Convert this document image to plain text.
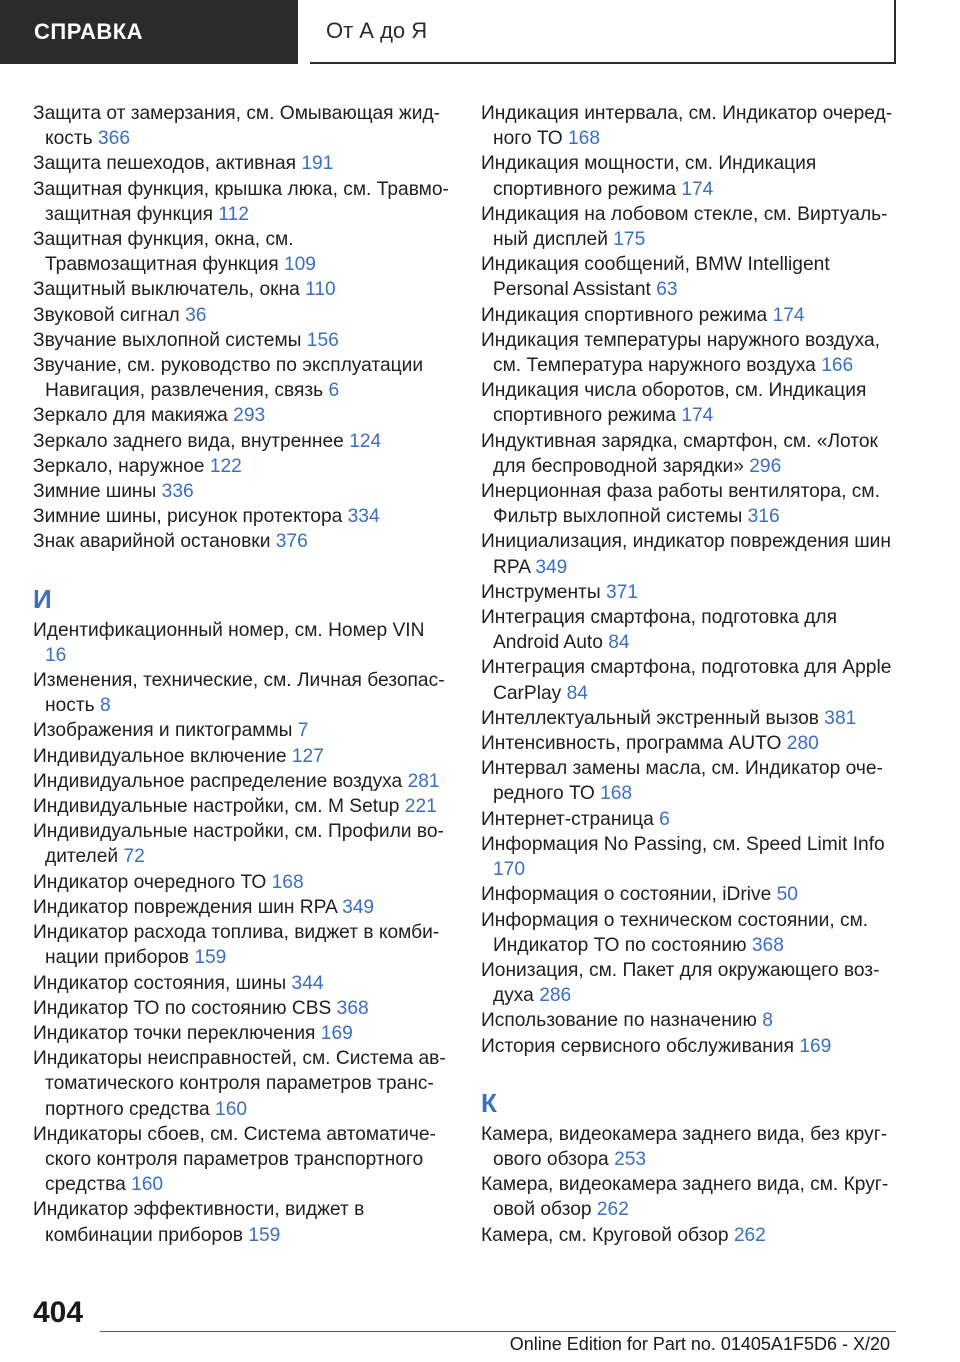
СПРАВКА	От А до Я

Защита от замерзания, см. Омывающая жидкость 366

Защита пешеходов, активная 191

Защитная функция, крышка люка, см. Травмозащитная функция 112

Защитная функция, окна, см. Травмозащитная функция 109

Защитный выключатель, окна 110

Звуковой сигнал 36

Звучание выхлопной системы 156

Звучание, см. руководство по эксплуатации Навигация, развлечения, связь 6

Зеркало для макияжа 293

Зеркало заднего вида, внутреннее 124

Зеркало, наружное 122

Зимние шины 336

Зимние шины, рисунок протектора 334

Знак аварийной остановки 376

И

Идентификационный номер, см. Номер VIN 16

Изменения, технические, см. Личная безопасность 8

Изображения и пиктограммы 7

Индивидуальное включение 127

Индивидуальное распределение воздуха 281

Индивидуальные настройки, см. M Setup 221

Индивидуальные настройки, см. Профили водителей 72

Индикатор очередного ТО 168

Индикатор повреждения шин RPA 349

Индикатор расхода топлива, виджет в комбинации приборов 159

Индикатор состояния, шины 344

Индикатор ТО по состоянию CBS 368

Индикатор точки переключения 169

Индикаторы неисправностей, см. Система автоматического контроля параметров транспортного средства 160

Индикаторы сбоев, см. Система автоматического контроля параметров транспортного средства 160

Индикатор эффективности, виджет в комбинации приборов 159

Индикация интервала, см. Индикатор очередного ТО 168

Индикация мощности, см. Индикация спортивного режима 174

Индикация на лобовом стекле, см. Виртуальный дисплей 175

Индикация сообщений, BMW Intelligent Personal Assistant 63

Индикация спортивного режима 174

Индикация температуры наружного воздуха, см. Температура наружного воздуха 166

Индикация числа оборотов, см. Индикация спортивного режима 174

Индуктивная зарядка, смартфон, см. «Лоток для беспроводной зарядки» 296

Инерционная фаза работы вентилятора, см. Фильтр выхлопной системы 316

Инициализация, индикатор повреждения шин RPA 349

Инструменты 371

Интеграция смартфона, подготовка для Android Auto 84

Интеграция смартфона, подготовка для Apple CarPlay 84

Интеллектуальный экстренный вызов 381

Интенсивность, программа AUTO 280

Интервал замены масла, см. Индикатор очередного ТО 168

Интернет-страница 6

Информация No Passing, см. Speed Limit Info 170

Информация о состоянии, iDrive 50

Информация о техническом состоянии, см. Индикатор ТО по состоянию 368

Ионизация, см. Пакет для окружающего воздуха 286

Использование по назначению 8

История сервисного обслуживания 169

К

Камера, видеокамера заднего вида, без кругового обзора 253

Камера, видеокамера заднего вида, см. Круговой обзор 262

Камера, см. Круговой обзор 262

404
Online Edition for Part no. 01405A1F5D6 - X/20
